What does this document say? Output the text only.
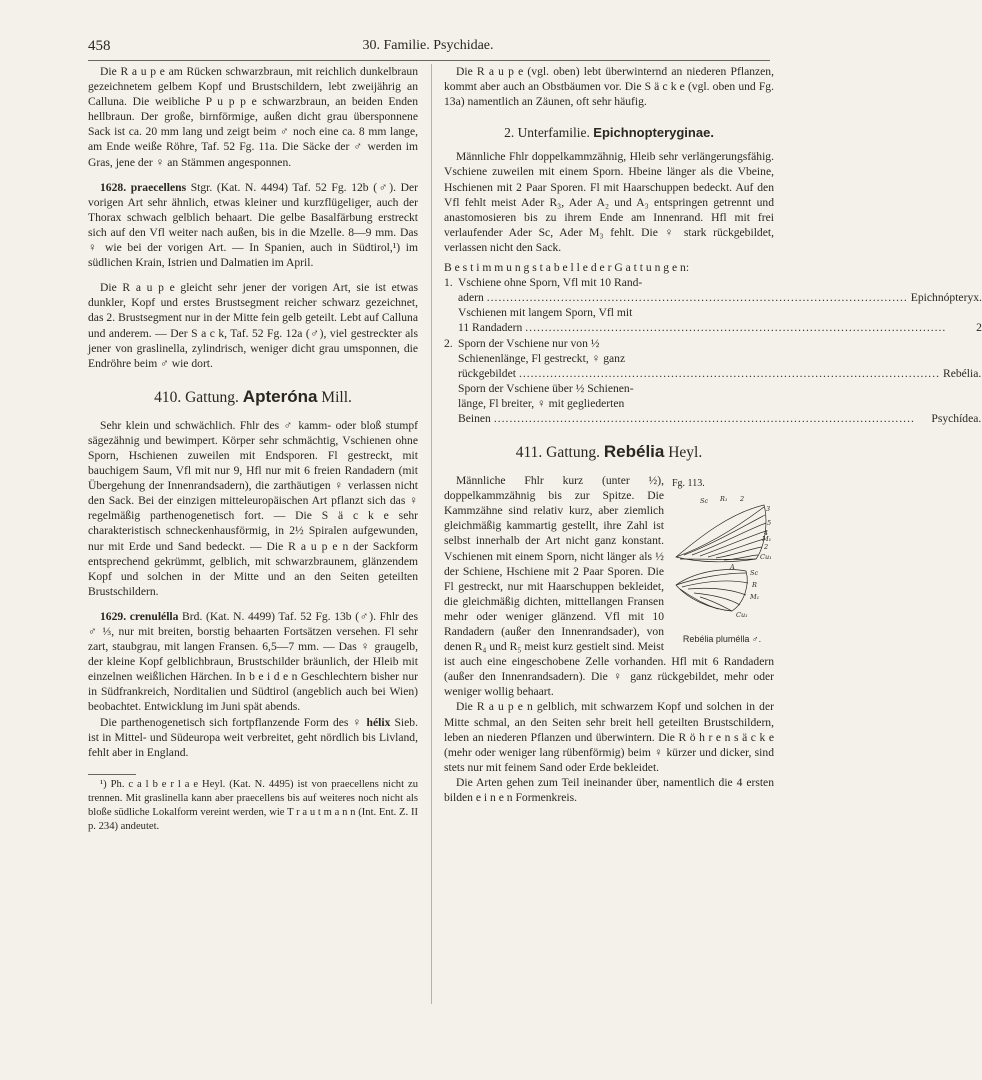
458	30. Familie. Psychidae.

Die R a u p e am Rücken schwarzbraun, mit reichlich dunkelbraun gezeichnetem gelbem Kopf und Brustschildern, lebt zweijährig an Calluna. Die weibliche P u p p e schwarzbraun, an beiden Enden hellbraun. Der große, birnförmige, außen dicht grau übersponnene Sack ist ca. 20 mm lang und zeigt beim ♂ noch eine ca. 8 mm lange, am Ende weiße Röhre, Taf. 52 Fg. 11a. Die Säcke der ♂ werden im Gras, jene der ♀ an Stämmen angesponnen.

1628. praecellens Stgr. (Kat. N. 4494) Taf. 52 Fg. 12b (♂). Der vorigen Art sehr ähnlich, etwas kleiner und kurzflügeliger, auch der Thorax schwach gelblich behaart. Die gelbe Basalfärbung erstreckt sich auf den Vfl weiter nach außen, bis in die Mzelle. 8—9 mm. Das ♀ wie bei der vorigen Art. — In Spanien, auch in Südtirol,¹) im südlichen Krain, Istrien und Dalmatien im April.

Die R a u p e gleicht sehr jener der vorigen Art, sie ist etwas dunkler, Kopf und erstes Brustsegment reicher schwarz gezeichnet, das 2. Brustsegment nur in der Mitte fein gelb geteilt. Lebt auf Calluna und anderem. — Der S a c k, Taf. 52 Fg. 12a (♂), viel gestreckter als jener von graslinella, zylindrisch, weniger dicht grau umsponnen, die Endröhre beim ♂ wie dort.

410. Gattung. Apteróna Mill.

Sehr klein und schwächlich. Fhlr des ♂ kamm- oder bloß stumpf sägezähnig und bewimpert. Körper sehr schmächtig, Vschienen ohne Sporn, Hschienen zuweilen mit Endsporen. Fl gestreckt, mit bauchigem Saum, Vfl mit nur 9, Hfl nur mit 6 freien Randadern (mit Übergehung der Innenrandsadern), die zarthäutigen ♀ verlassen nicht den Sack. Bei der einzigen mitteleuropäischen Art pflanzt sich das ♀ regelmäßig parthenogenetisch fort. — Die S ä c k e sehr charakteristisch schneckenhausförmig, in 2½ Spiralen aufgewunden, nur mit Erde und Sand bedeckt. — Die R a u p e n der Sackform entsprechend gekrümmt, gelblich, mit schwarzbraunem, glänzendem Kopf und solchen in der Mitte und an den Seiten geteilten Brustschildern.

1629. crenulélla Brd. (Kat. N. 4499) Taf. 52 Fg. 13b (♂). Fhlr des ♂ ⅓, nur mit breiten, borstig behaarten Fortsätzen versehen. Fl sehr zart, staubgrau, mit langen Fransen. 6,5—7 mm. — Das ♀ graugelb, der kleine Kopf gelblichbraun, Brustschilder bräunlich, der Hleib mit einzelnen weißlichen Härchen. In b e i d e n Geschlechtern bisher nur in Südfrankreich, Norditalien und Südtirol (angeblich auch bei Wien) beobachtet. Entwicklung im Juni spät abends.

Die parthenogenetisch sich fortpflanzende Form des ♀ hélix Sieb. ist in Mittel- und Südeuropa weit verbreitet, geht nördlich bis Livland, fehlt aber in England.

¹) Ph. c a l b e r l a e Heyl. (Kat. N. 4495) ist von praecellens nicht zu trennen. Mit graslinella kann aber praecellens bis auf weiteres noch nicht als bloße südliche Lokalform vereint werden, wie T r a u t m a n n (Int. Ent. Z. II p. 234) andeutet.

Die R a u p e (vgl. oben) lebt überwinternd an niederen Pflanzen, kommt aber auch an Obstbäumen vor. Die S ä c k e (vgl. oben und Fg. 13a) namentlich an Zäunen, oft sehr häufig.

2. Unterfamilie. Epichnopteryginae.

Männliche Fhlr doppelkammzähnig, Hleib sehr verlängerungsfähig. Vschiene zuweilen mit einem Sporn. Hbeine länger als die Vbeine, Hschienen mit 2 Paar Sporen. Fl mit Haarschuppen bedeckt. Auf den Vfl fehlt meist Ader R₃, Ader A₂ und A₃ entspringen getrennt und anastomosieren bis zu ihrem Ende am Innenrand. Hfl mit frei verlaufender Ader Sc, Ader M₃ fehlt. Die ♀ stark rückgebildet, verlassen nicht den Sack.

B e s t i m m u n g s t a b e l l e d e r G a t t u n g e n:

1. Vschiene ohne Sporn, Vfl mit 10 Rand-
adern .....	Epichnópteryx.
Vschienen mit langem Sporn, Vfl mit
11 Randadern .....	2
2. Sporn der Vschiene nur von ½
Schienenlänge, Fl gestreckt, ♀ ganz
rückgebildet .....	Rebélia.
Sporn der Vschiene über ½ Schienen-
länge, Fl breiter, ♀ mit gegliederten
Beinen .....	Psychídea.
411. Gattung. Rebélia Heyl.
Fg. 113.
Sc R₁ 2
3
4
5
M₁
2
Cu₁
A
Sc
R
M₁
Cu₁
Rebélia plumélla ♂.

Männliche Fhlr kurz (unter ½), doppelkammzähnig bis zur Spitze. Die Kammzähne sind relativ kurz, aber ziemlich gleichmäßig kammartig gestellt, ihre Zahl ist selbst innerhalb der Art nicht ganz konstant. Vschienen mit einem Sporn, nicht länger als ½ der Schiene, Hschiene mit 2 Paar Sporen. Die Fl gestreckt, nur mit Haarschuppen bekleidet, die gleichmäßig dichten, mittellangen Fransen mehr oder weniger glänzend. Vfl mit 10 Randadern (außer den Innenrandsader), von denen R₄ und R₅ meist kurz gestielt sind. Meist ist auch eine eingeschobene Zelle vorhanden. Hfl mit 6 Randadern (außer den Innenrandsadern). Die ♀ ganz rückgebildet, mehr oder weniger wollig behaart.

Die R a u p e n gelblich, mit schwarzem Kopf und solchen in der Mitte schmal, an den Seiten sehr breit hell geteilten Brustschildern, leben an niederen Pflanzen und überwintern. Die R ö h r e n s ä c k e (mehr oder weniger lang rübenförmig) beim ♀ kürzer und dicker, sind stets nur mit feinem Sand oder Erde bekleidet.

Die Arten gehen zum Teil ineinander über, namentlich die 4 ersten bilden e i n e n Formenkreis.
